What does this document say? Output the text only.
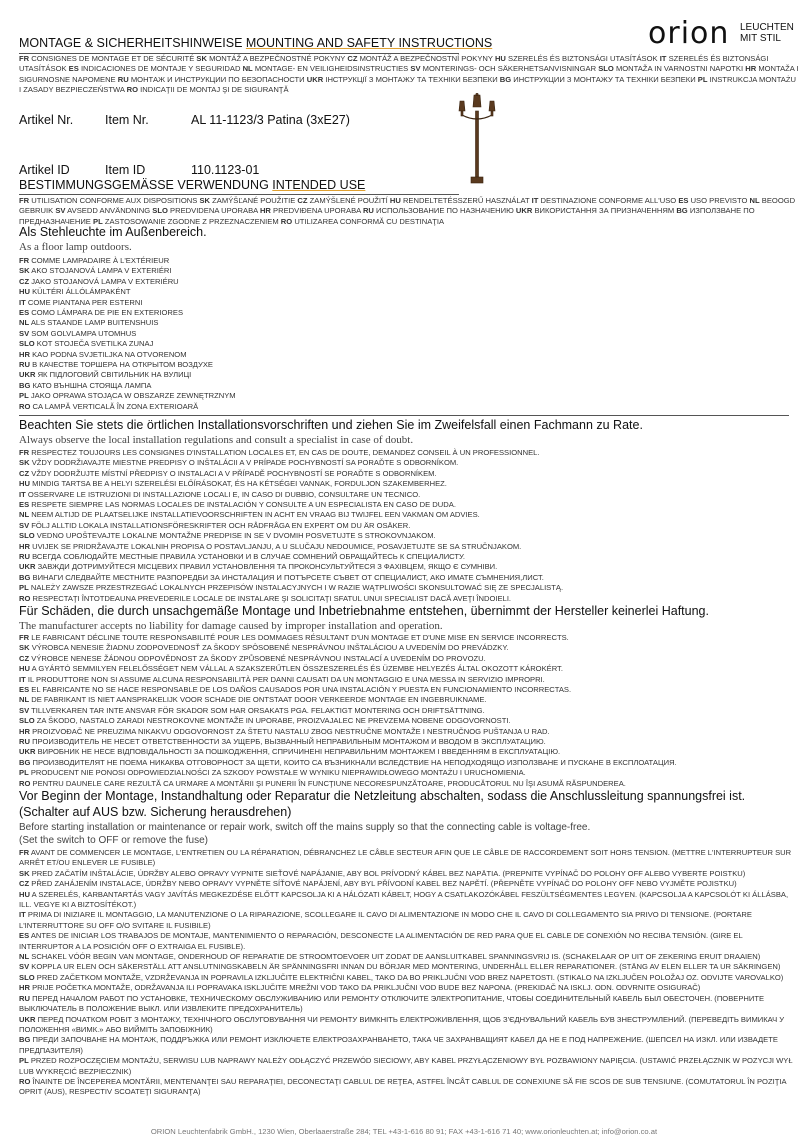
orion LEUCHTEN
MIT STIL
MONTAGE & SICHERHEITSHINWEISE MOUNTING AND SAFETY INSTRUCTIONS

FR CONSIGNES DE MONTAGE ET DE SÉCURITÉ SK MONTÁŽ A BEZPEČNOSTNÉ POKYNY CZ MONTÁŽ A BEZPEČNOSTNÍ POKYNY HU SZERELÉS ÉS BIZTONSÁGI UTASÍTÁSOK IT SZERELÉS ÉS BIZTONSÁGI UTASÍTÁSOK ES INDICACIONES DE MONTAJE Y SEGURIDAD NL MONTAGE- EN VEILIGHEIDSINSTRUCTIES SV MONTERINGS- OCH SÄKERHETSANVISNINGAR SLO MONTAŽA IN VARNOSTNI NAPOTKI HR MONTAŽA I SIGURNOSNE NAPOMENE RU МОНТАЖ И ИНСТРУКЦИИ ПО БЕЗОПАСНОСТИ UKR ІНСТРУКЦІЇ З МОНТАЖУ ТА ТЕХНІКИ БЕЗПЕКИ BG ИНСТРУКЦИИ З МОНТАЖУ ТА ТЕХНІКИ БЕЗПЕКИ PL INSTRUKCJA MONTAŻU I ZASADY BEZPIECZEŃSTWA RO INDICAŢII DE MONTAJ ŞI DE SIGURANŢĂ

Artikel Nr.	Item Nr.	AL 11-1123/3 Patina (3xE27)
Artikel ID	Item ID	110.1123-01
BESTIMMUNGSGEMÄSSE VERWENDUNG INTENDED USE

FR UTILISATION CONFORME AUX DISPOSITIONS SK ZAMÝŠĽANÉ POUŽITIE CZ ZAMÝŠLENÉ POUŽITÍ HU RENDELTETÉSSZERŰ HASZNÁLAT IT DESTINAZIONE CONFORME ALL'USO ES USO PREVISTO NL BEOOGD GEBRUIK SV AVSEDD ANVÄNDNING SLO PREDVIDENA UPORABA HR PREDVIĐENA UPORABA RU ИСПОЛЬЗОВАНИЕ ПО НАЗНАЧЕНИЮ UKR ВИКОРИСТАННЯ ЗА ПРИЗНАЧЕННЯМ BG ИЗПОЛЗВАНЕ ПО ПРЕДНАЗНАЧЕНИЕ PL ZASTOSOWANIE ZGODNE Z PRZEZNACZENIEM RO UTILIZAREA CONFORMĂ CU DESTINAŢIA

Als Stehleuchte im Außenbereich.
As a floor lamp outdoors.

FR COMME LAMPADAIRE À L'EXTÉRIEUR

SK AKO STOJANOVÁ LAMPA V EXTERIÉRI

CZ JAKO STOJANOVÁ LAMPA V EXTERIÉRU

HU KÜLTÉRI ÁLLÓLÁMPAKÉNT

IT COME PIANTANA PER ESTERNI

ES COMO LÁMPARA DE PIE EN EXTERIORES

NL ALS STAANDE LAMP BUITENSHUIS

SV SOM GOLVLAMPA UTOMHUS

SLO KOT STOJEČA SVETILKA ZUNAJ

HR KAO PODNA SVJETILJKA NA OTVORENOM

RU В КАЧЕСТВЕ ТОРШЕРА НА ОТКРЫТОМ ВОЗДУХЕ

UKR ЯК ПІДЛОГОВИЙ СВІТИЛЬНИК НА ВУЛИЦІ

BG КАТО ВЪНШНА СТОЯЩА ЛАМПА

PL JAKO OPRAWA STOJĄCA W OBSZARZE ZEWNĘTRZNYM

RO CA LAMPĂ VERTICALĂ ÎN ZONA EXTERIOARĂ

Beachten Sie stets die örtlichen Installationsvorschriften und ziehen Sie im Zweifelsfall einen Fachmann zu Rate.
Always observe the local installation regulations and consult a specialist in case of doubt.

FR RESPECTEZ TOUJOURS LES CONSIGNES D'INSTALLATION LOCALES ET, EN CAS DE DOUTE, DEMANDEZ CONSEIL À UN PROFESSIONNEL.

SK VŽDY DODRŽIAVAJTE MIESTNE PREDPISY O INŠTALÁCII A V PRÍPADE POCHYBNOSTÍ SA PORAĎTE S ODBORNÍKOM.

CZ VŽDY DODRŽUJTE MÍSTNÍ PŘEDPISY O INSTALACI A V PŘÍPADĚ POCHYBNOSTÍ SE PORAĎTE S ODBORNÍKEM.

HU MINDIG TARTSA BE A HELYI SZERELÉSI ELŐÍRÁSOKAT, ÉS HA KÉTSÉGEI VANNAK, FORDULJON SZAKEMBERHEZ.

IT OSSERVARE LE ISTRUZIONI DI INSTALLAZIONE LOCALI E, IN CASO DI DUBBIO, CONSULTARE UN TECNICO.

ES RESPETE SIEMPRE LAS NORMAS LOCALES DE INSTALACIÓN Y CONSULTE A UN ESPECIALISTA EN CASO DE DUDA.

NL NEEM ALTIJD DE PLAATSELIJKE INSTALLATIEVOORSCHRIFTEN IN ACHT EN VRAAG BIJ TWIJFEL EEN VAKMAN OM ADVIES.

SV FÖLJ ALLTID LOKALA INSTALLATIONSFÖRESKRIFTER OCH RÅDFRÅGA EN EXPERT OM DU ÄR OSÄKER.

SLO VEDNO UPOŠTEVAJTE LOKALNE MONTAŽNE PREDPISE IN SE V DVOMIH POSVETUJTE S STROKOVNJAKOM.

HR UVIJEK SE PRIDRŽAVAJTE LOKALNIH PROPISA O POSTAVLJANJU, A U SLUČAJU NEDOUMICE, POSAVJETUJTE SE SA STRUČNJAKOM.

RU ВСЕГДА СОБЛЮДАЙТЕ МЕСТНЫЕ ПРАВИЛА УСТАНОВКИ И В СЛУЧАЕ СОМНЕНИЙ ОБРАЩАЙТЕСЬ К СПЕЦИАЛИСТУ.

UKR ЗАВЖДИ ДОТРИМУЙТЕСЯ МІСЦЕВИХ ПРАВИЛ УСТАНОВЛЕННЯ ТА ПРОКОНСУЛЬТУЙТЕСЯ З ФАХІВЦЕМ, ЯКЩО Є СУМНІВИ.

BG ВИНАГИ СЛЕДВАЙТЕ МЕСТНИТЕ РАЗПОРЕДБИ ЗА ИНСТАЛАЦИЯ И ПОТЪРСЕТЕ СЪВЕТ ОТ СПЕЦИАЛИСТ, АКО ИМАТЕ СЪМНЕНИЯ,ЛИСТ.

PL NALEŻY ZAWSZE PRZESTRZEGAĆ LOKALNYCH PRZEPISÓW INSTALACYJNYCH I W RAZIE WĄTPLIWOŚCI SKONSULTOWAĆ SIĘ ZE SPECJALISTĄ.

RO RESPECTAŢI ÎNTOTDEAUNA PREVEDERILE LOCALE DE INSTALARE ŞI SOLICITAŢI SFATUL UNUI SPECIALIST DACĂ AVEŢI ÎNDOIELI.

Für Schäden, die durch unsachgemäße Montage und Inbetriebnahme entstehen, übernimmt der Hersteller keinerlei Haftung.
The manufacturer accepts no liability for damage caused by improper installation and operation.

FR LE FABRICANT DÉCLINE TOUTE RESPONSABILITÉ POUR LES DOMMAGES RÉSULTANT D'UN MONTAGE ET D'UNE MISE EN SERVICE INCORRECTS.

SK VÝROBCA NENESIE ŽIADNU ZODPOVEDNOSŤ ZA ŠKODY SPÔSOBENÉ NESPRÁVNOU INŠTALÁCIOU A UVEDENÍM DO PREVÁDZKY.

CZ VÝROBCE NENESE ŽÁDNOU ODPOVĚDNOST ZA ŠKODY ZPŮSOBENÉ NESPRÁVNOU INSTALACÍ A UVEDENÍM DO PROVOZU.

HU A GYÁRTÓ SEMMILYEN FELELŐSSÉGET NEM VÁLLAL A SZAKSZERŰTLEN ÖSSZESZERELÉS ÉS ÜZEMBE HELYEZÉS ÁLTAL OKOZOTT KÁROKÉRT.

IT IL PRODUTTORE NON SI ASSUME ALCUNA RESPONSABILITÀ PER DANNI CAUSATI DA UN MONTAGGIO E UNA MESSA IN SERVIZIO IMPROPRI.

ES EL FABRICANTE NO SE HACE RESPONSABLE DE LOS DAÑOS CAUSADOS POR UNA INSTALACIÓN Y PUESTA EN FUNCIONAMIENTO INCORRECTAS.

NL DE FABRIKANT IS NIET AANSPRAKELIJK VOOR SCHADE DIE ONTSTAAT DOOR VERKEERDE MONTAGE EN INGEBRUIKNAME.

SV TILLVERKAREN TAR INTE ANSVAR FÖR SKADOR SOM HAR ORSAKATS PGA. FELAKTIGT MONTERING OCH DRIFTSÄTTNING.

SLO ZA ŠKODO, NASTALO ZARADI NESTROKOVNE MONTAŽE IN UPORABE, PROIZVAJALEC NE PREVZEMA NOBENE ODGOVORNOSTI.

HR PROIZVOĐAČ NE PREUZIMA NIKAKVU ODGOVORNOST ZA ŠTETU NASTALU ZBOG NESTRUČNE MONTAŽE I NESTRUČNOG PUŠTANJA U RAD.

RU ПРОИЗВОДИТЕЛЬ НЕ НЕСЕТ ОТВЕТСТВЕННОСТИ ЗА УЩЕРБ, ВЫЗВАННЫЙ НЕПРАВИЛЬНЫМ МОНТАЖОМ И ВВОДОМ В ЭКСПЛУАТАЦИЮ.

UKR ВИРОБНИК НЕ НЕСЕ ВІДПОВІДАЛЬНОСТІ ЗА ПОШКОДЖЕННЯ, СПРИЧИНЕНІ НЕПРАВИЛЬНИМ МОНТАЖЕМ І ВВЕДЕННЯМ В ЕКСПЛУАТАЦІЮ.

BG ПРОИЗВОДИТЕЛЯТ НЕ ПОЕМА НИКАКВА ОТГОВОРНОСТ ЗА ЩЕТИ, КОИТО СА ВЪЗНИКНАЛИ ВСЛЕДСТВИЕ НА НЕПОДХОДЯЩО ИЗПОЛЗВАНЕ И ПУСКАНЕ В ЕКСПЛОАТАЦИЯ.

PL PRODUCENT NIE PONOSI ODPOWIEDZIALNOŚCI ZA SZKODY POWSTAŁE W WYNIKU NIEPRAWIDŁOWEGO MONTAŻU I URUCHOMIENIA.

RO PENTRU DAUNELE CARE REZULTĂ CA URMARE A MONTĂRII ŞI PUNERII ÎN FUNCŢIUNE NECORESPUNZĂTOARE, PRODUCĂTORUL NU ÎŞI ASUMĂ RĂSPUNDEREA.

Vor Beginn der Montage, Instandhaltung oder Reparatur die Netzleitung abschalten, sodass die Anschlussleitung spannungsfrei ist.
(Schalter auf AUS bzw. Sicherung herausdrehen)
Before starting installation or maintenance or repair work, switch off the mains supply so that the connecting cable is voltage-free.
(Set the switch to OFF or remove the fuse)

FR AVANT DE COMMENCER LE MONTAGE, L'ENTRETIEN OU LA RÉPARATION, DÉBRANCHEZ LE CÂBLE SECTEUR AFIN QUE LE CÂBLE DE RACCORDEMENT SOIT HORS TENSION. (METTRE L'INTERRUPTEUR SUR ARRÊT ET/OU ENLEVER LE FUSIBLE)

SK PRED ZAČATÍM INŠTALÁCIE, ÚDRŽBY ALEBO OPRAVY VYPNITE SIEŤOVÉ NAPÁJANIE, ABY BOL PRÍVODNÝ KÁBEL BEZ NAPÄTIA. (PREPNITE VYPÍNAČ DO POLOHY OFF ALEBO VYBERTE POISTKU)

CZ PŘED ZAHÁJENÍM INSTALACE, ÚDRŽBY NEBO OPRAVY VYPNĚTE SÍŤOVÉ NAPÁJENÍ, ABY BYL PŘÍVODNÍ KABEL BEZ NAPĚTÍ. (PŘEPNĚTE VYPÍNAČ DO POLOHY OFF NEBO VYJMĚTE POJISTKU)

HU A SZERELÉS, KARBANTARTÁS VAGY JAVÍTÁS MEGKEZDÉSE ELŐTT KAPCSOLJA KI A HÁLÓZATI KÁBELT, HOGY A CSATLAKOZÓKÁBEL FESZÜLTSÉGMENTES LEGYEN. (KAPCSOLJA A KAPCSOLÓT KI ÁLLÁSBA, ILL. VEGYE KI A BIZTOSÍTÉKOT.)

IT PRIMA DI INIZIARE IL MONTAGGIO, LA MANUTENZIONE O LA RIPARAZIONE, SCOLLEGARE IL CAVO DI ALIMENTAZIONE IN MODO CHE IL CAVO DI COLLEGAMENTO SIA PRIVO DI TENSIONE. (PORTARE L'INTERRUTTORE SU OFF O/O SVITARE IL FUSIBILE)

ES ANTES DE INICIAR LOS TRABAJOS DE MONTAJE, MANTENIMIENTO O REPARACIÓN, DESCONECTE LA ALIMENTACIÓN DE RED PARA QUE EL CABLE DE CONEXIÓN NO RECIBA TENSIÓN. (GIRE EL INTERRUPTOR A LA POSICIÓN OFF O EXTRAIGA EL FUSIBLE).

NL SCHAKEL VÓÓR BEGIN VAN MONTAGE, ONDERHOUD OF REPARATIE DE STROOMTOEVOER UIT ZODAT DE AANSLUITKABEL SPANNINGSVRIJ IS. (SCHAKELAAR OP UIT OF ZEKERING ERUIT DRAAIEN)

SV KOPPLA UR ELEN OCH SÄKERSTÄLL ATT ANSLUTNINGSKABELN ÄR SPÄNNINGSFRI INNAN DU BÖRJAR MED MONTERING, UNDERHÅLL ELLER REPARATIONER. (STÄNG AV ELEN ELLER TA UR SÄKRINGEN)

SLO PRED ZAČETKOM MONTAŽE, VZDRŽEVANJA IN POPRAVILA IZKLJUČITE ELEKTRIČNI KABEL, TAKO DA BO PRIKLJUČNI VOD BREZ NAPETOSTI. (STIKALO NA IZKLJUČEN POLOŽAJ OZ. ODVIJTE VAROVALKO)

HR PRIJE POČETKA MONTAŽE, ODRŽAVANJA ILI POPRAVAKA ISKLJUČITE MREŽNI VOD TAKO DA PRIKLJUČNI VOD BUDE BEZ NAPONA. (PREKIDAČ NA ISKLJ. ODN. ODVRNITE OSIGURAČ)

RU ПЕРЕД НАЧАЛОМ РАБОТ ПО УСТАНОВКЕ, ТЕХНИЧЕСКОМУ ОБСЛУЖИВАНИЮ ИЛИ РЕМОНТУ ОТКЛЮЧИТЕ ЭЛЕКТРОПИТАНИЕ, ЧТОБЫ СОЕДИНИТЕЛЬНЫЙ КАБЕЛЬ БЫЛ ОБЕСТОЧЕН. (ПОВЕРНИТЕ ВЫКЛЮЧАТЕЛЬ В ПОЛОЖЕНИЕ ВЫКЛ. ИЛИ ИЗВЛЕКИТЕ ПРЕДОХРАНИТЕЛЬ)

UKR ПЕРЕД ПОЧАТКОМ РОБІТ З МОНТАЖУ, ТЕХНІЧНОГО ОБСЛУГОВУВАННЯ ЧИ РЕМОНТУ ВИМКНІТЬ ЕЛЕКТРОЖИВЛЕННЯ, ЩОБ З'ЄДНУВАЛЬНИЙ КАБЕЛЬ БУВ ЗНЕСТРУМЛЕНИЙ. (ПЕРЕВЕДІТЬ ВИМИКАЧ У ПОЛОЖЕННЯ «ВИМК.» АБО ВИЙМІТЬ ЗАПОБІЖНИК)

BG ПРЕДИ ЗАПОЧВАНЕ НА МОНТАЖ, ПОДДРЪЖКА ИЛИ РЕМОНТ ИЗКЛЮЧЕТЕ ЕЛЕКТРОЗАХРАНВАНЕТО, ТАКА ЧЕ ЗАХРАНВАЩИЯТ КАБЕЛ ДА НЕ Е ПОД НАПРЕЖЕНИЕ. (ШЕПСЕЛ НА ИЗКЛ. ИЛИ ИЗВАДЕТЕ ПРЕДПАЗИТЕЛЯ)

PL PRZED ROZPOCZĘCIEM MONTAŻU, SERWISU LUB NAPRAWY NALEŻY ODŁĄCZYĆ PRZEWÓD SIECIOWY, ABY KABEL PRZYŁĄCZENIOWY BYŁ POZBAWIONY NAPIĘCIA. (USTAWIĆ PRZEŁĄCZNIK W POZYCJI WYŁ LUB WYKRĘCIĆ BEZPIECZNIK)

RO ÎNAINTE DE ÎNCEPEREA MONTĂRII, MENTENANŢEI SAU REPARAŢIEI, DECONECTAŢI CABLUL DE REŢEA, ASTFEL ÎNCÂT CABLUL DE CONEXIUNE SĂ FIE SCOS DE SUB TENSIUNE. (COMUTATORUL ÎN POZIŢIA OPRIT (AUS), RESPECTIV SCOATEŢI SIGURANŢA)

ORION Leuchtenfabrik GmbH., 1230 Wien, Oberlaaerstraße 284; TEL +43-1-616 80 91; FAX +43-1-616 71 40; www.orionleuchten.at; info@orion.co.at
